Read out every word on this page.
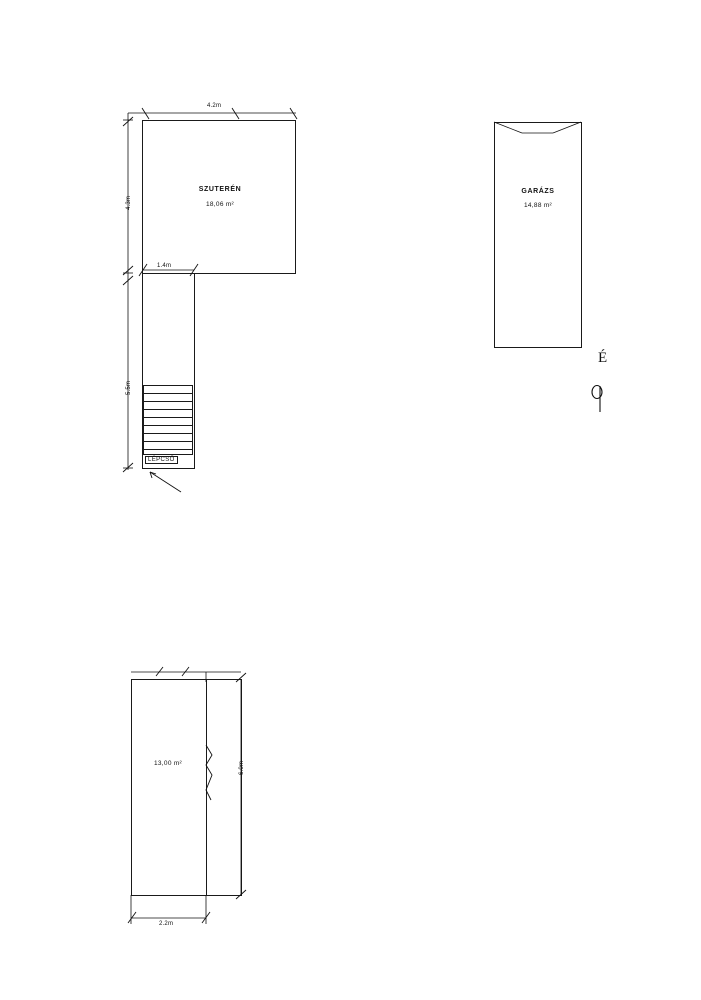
SZUTERÉN
18,06 m²
LÉPCSŐ
GARÁZS
14,88 m²
13,00 m²
4.2m
4.3m
1.4m
5.5m
2.2m
6.0m
É
